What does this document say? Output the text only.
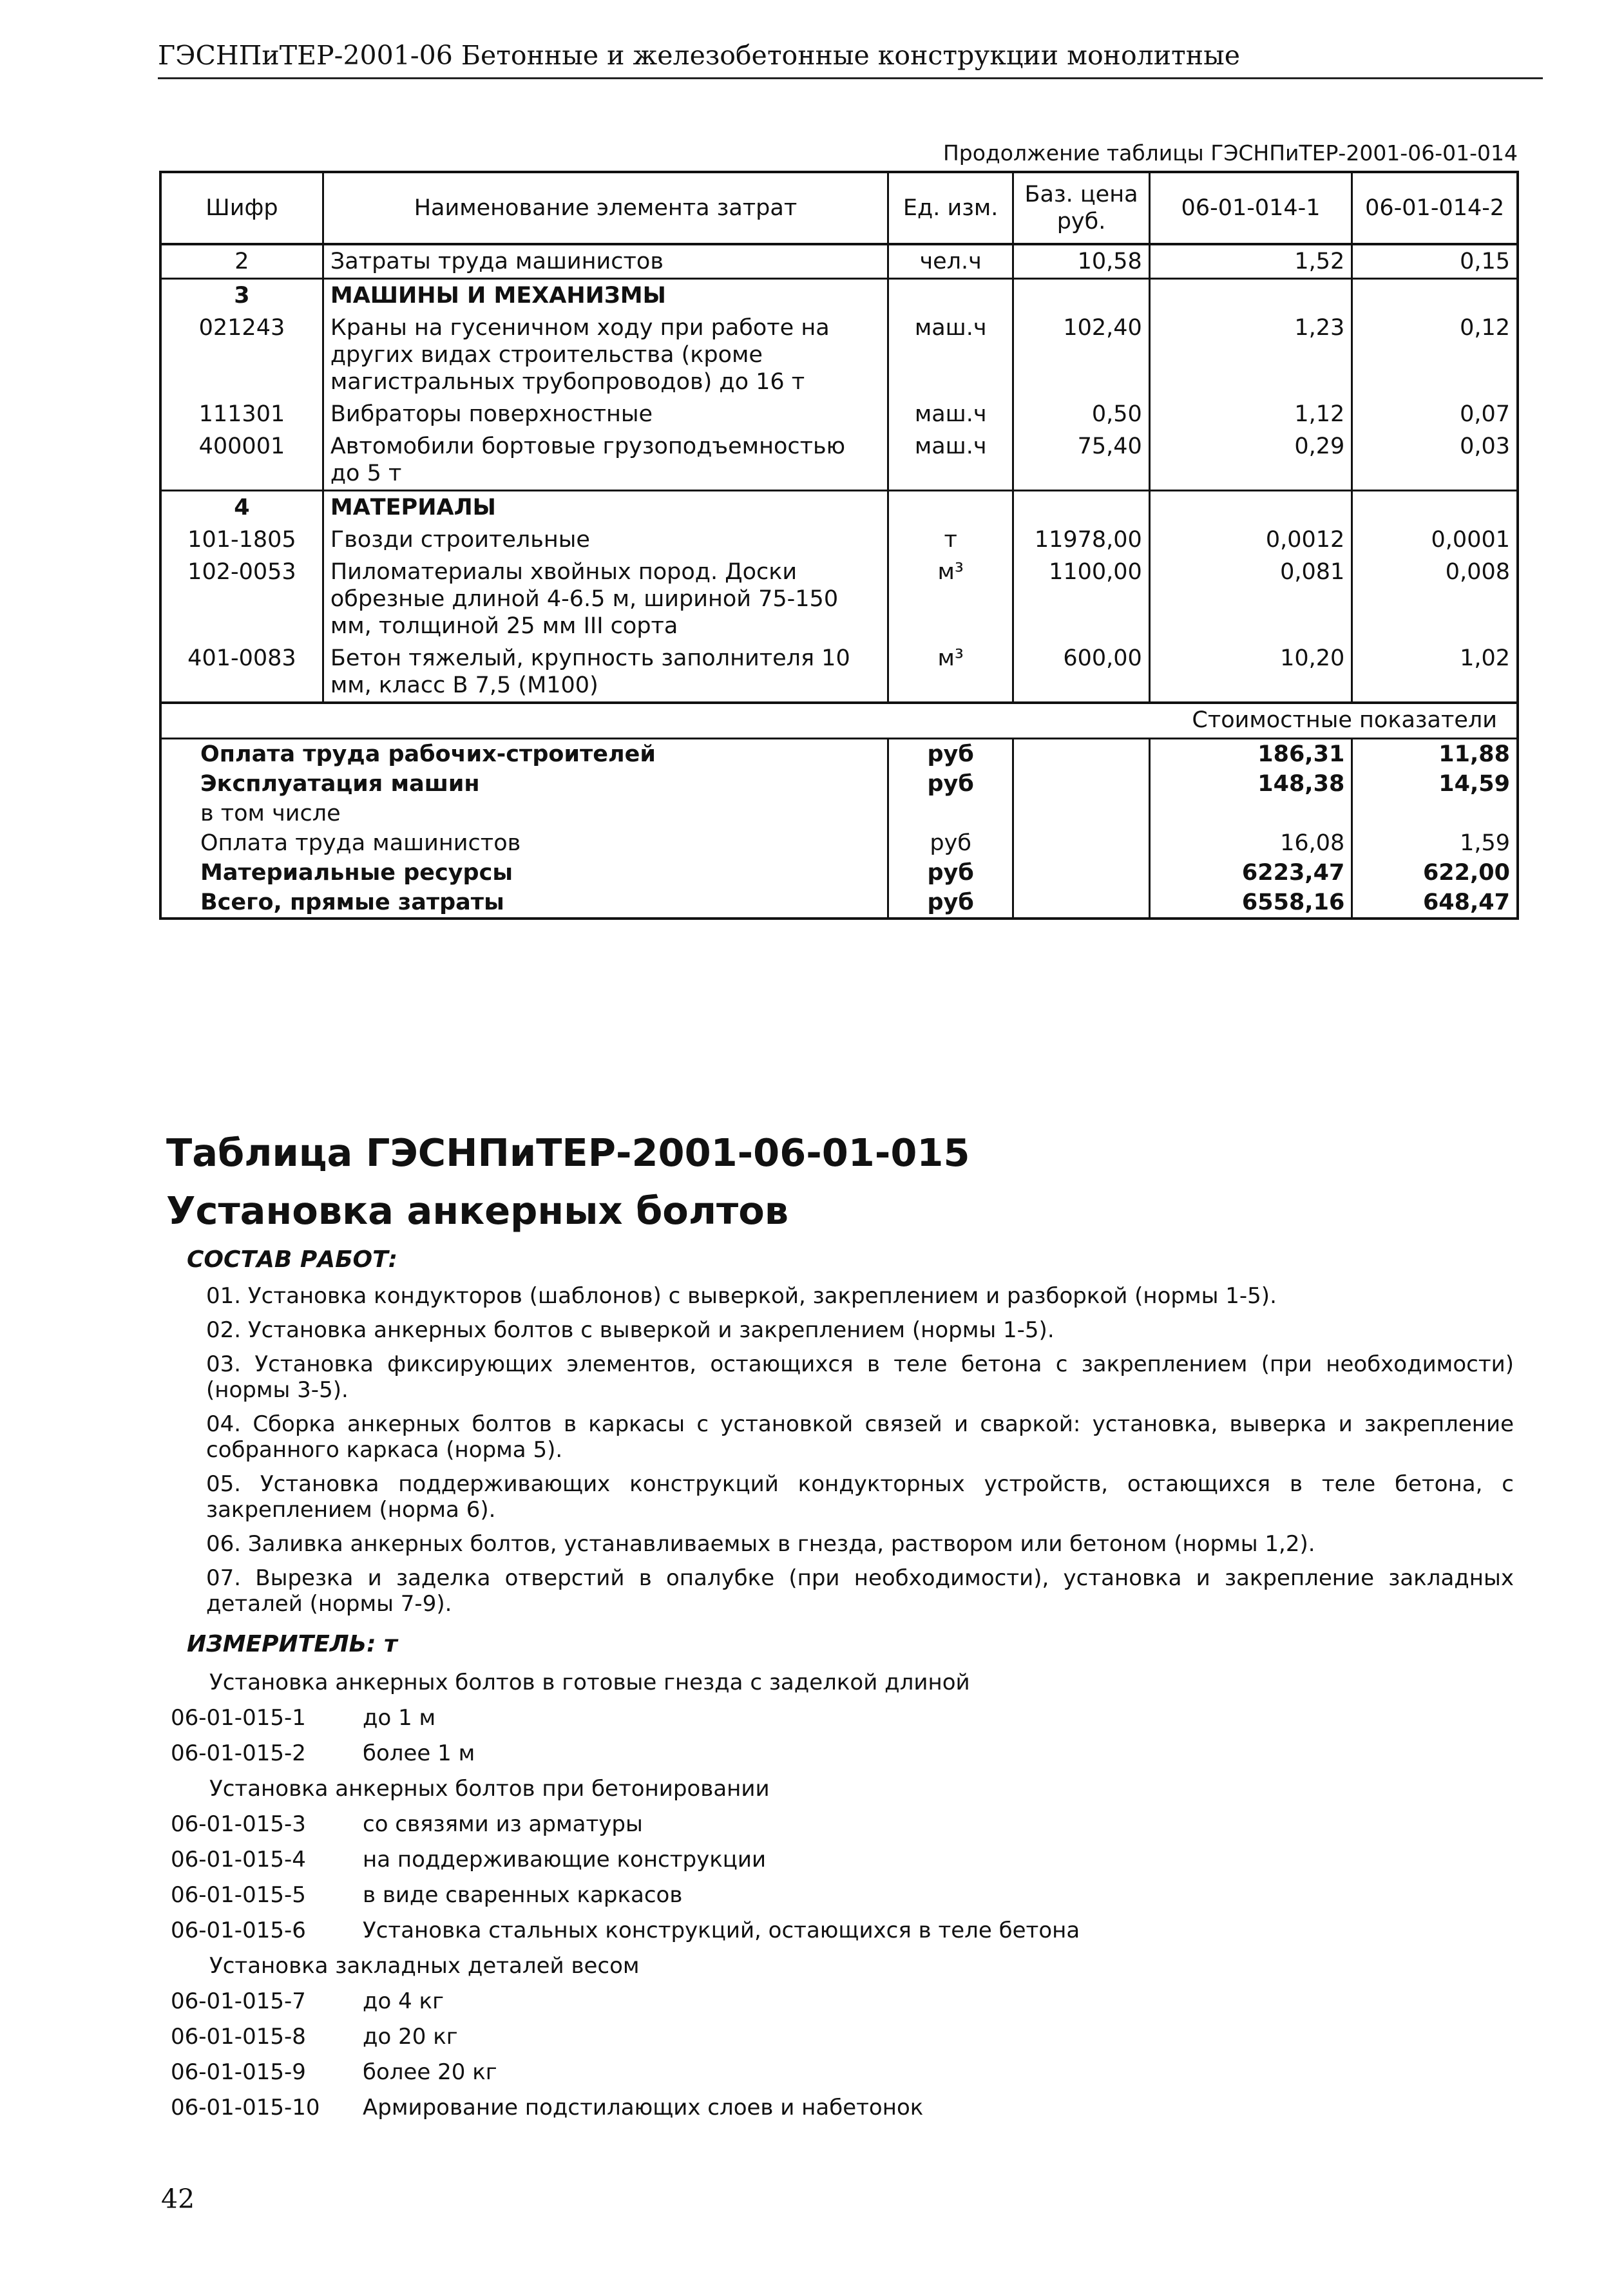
ГЭСНПиТЕР-2001-06 Бетонные и железобетонные конструкции монолитные
Продолжение таблицы ГЭСНПиТЕР-2001-06-01-014
Шифр	Наименование элемента затрат	Ед. изм.	Баз. цена руб.	06-01-014-1	06-01-014-2
2	Затраты труда машинистов	чел.ч	10,58	1,52	0,15
3	МАШИНЫ И МЕХАНИЗМЫ				
021243	Краны на гусеничном ходу при работе на других видах строительства (кроме магистральных трубопроводов) до 16 т	маш.ч	102,40	1,23	0,12
111301	Вибраторы поверхностные	маш.ч	0,50	1,12	0,07
400001	Автомобили бортовые грузоподъемностью до 5 т	маш.ч	75,40	0,29	0,03
4	МАТЕРИАЛЫ				
101-1805	Гвозди строительные	т	11978,00	0,0012	0,0001
102-0053	Пиломатериалы хвойных пород. Доски обрезные длиной 4-6.5 м, шириной 75-150 мм, толщиной 25 мм III сорта	м³	1100,00	0,081	0,008
401-0083	Бетон тяжелый, крупность заполнителя 10 мм, класс В 7,5 (М100)	м³	600,00	10,20	1,02
Стоимостные показатели					
Оплата труда рабочих-строителей		руб		186,31	11,88
Эксплуатация машин		руб		148,38	14,59
в том числе					
Оплата труда машинистов		руб		16,08	1,59
Материальные ресурсы		руб		6223,47	622,00
Всего, прямые затраты		руб		6558,16	648,47
Таблица ГЭСНПиТЕР-2001-06-01-015
Установка анкерных болтов
СОСТАВ РАБОТ:
01. Установка кондукторов (шаблонов) с выверкой, закреплением и разборкой (нормы 1-5).
02. Установка анкерных болтов с выверкой и закреплением (нормы 1-5).
03. Установка фиксирующих элементов, остающихся в теле бетона с закреплением (при необходимости) (нормы 3-5).
04. Сборка анкерных болтов в каркасы с установкой связей и сваркой: установка, выверка и закрепление собранного каркаса (норма 5).
05. Установка поддерживающих конструкций кондукторных устройств, остающихся в теле бетона, с закреплением (норма 6).
06. Заливка анкерных болтов, устанавливаемых в гнезда, раствором или бетоном (нормы 1,2).
07. Вырезка и заделка отверстий в опалубке (при необходимости), установка и закрепление закладных деталей (нормы 7-9).
ИЗМЕРИТЕЛЬ: т
Установка анкерных болтов в готовые гнезда с заделкой длиной
06-01-015-1	до 1 м
06-01-015-2	более 1 м
Установка анкерных болтов при бетонировании
06-01-015-3	со связями из арматуры
06-01-015-4	на поддерживающие конструкции
06-01-015-5	в виде сваренных каркасов
06-01-015-6	Установка стальных конструкций, остающихся в теле бетона
Установка закладных деталей весом
06-01-015-7	до 4 кг
06-01-015-8	до 20 кг
06-01-015-9	более 20 кг
06-01-015-10	Армирование подстилающих слоев и набетонок
42
